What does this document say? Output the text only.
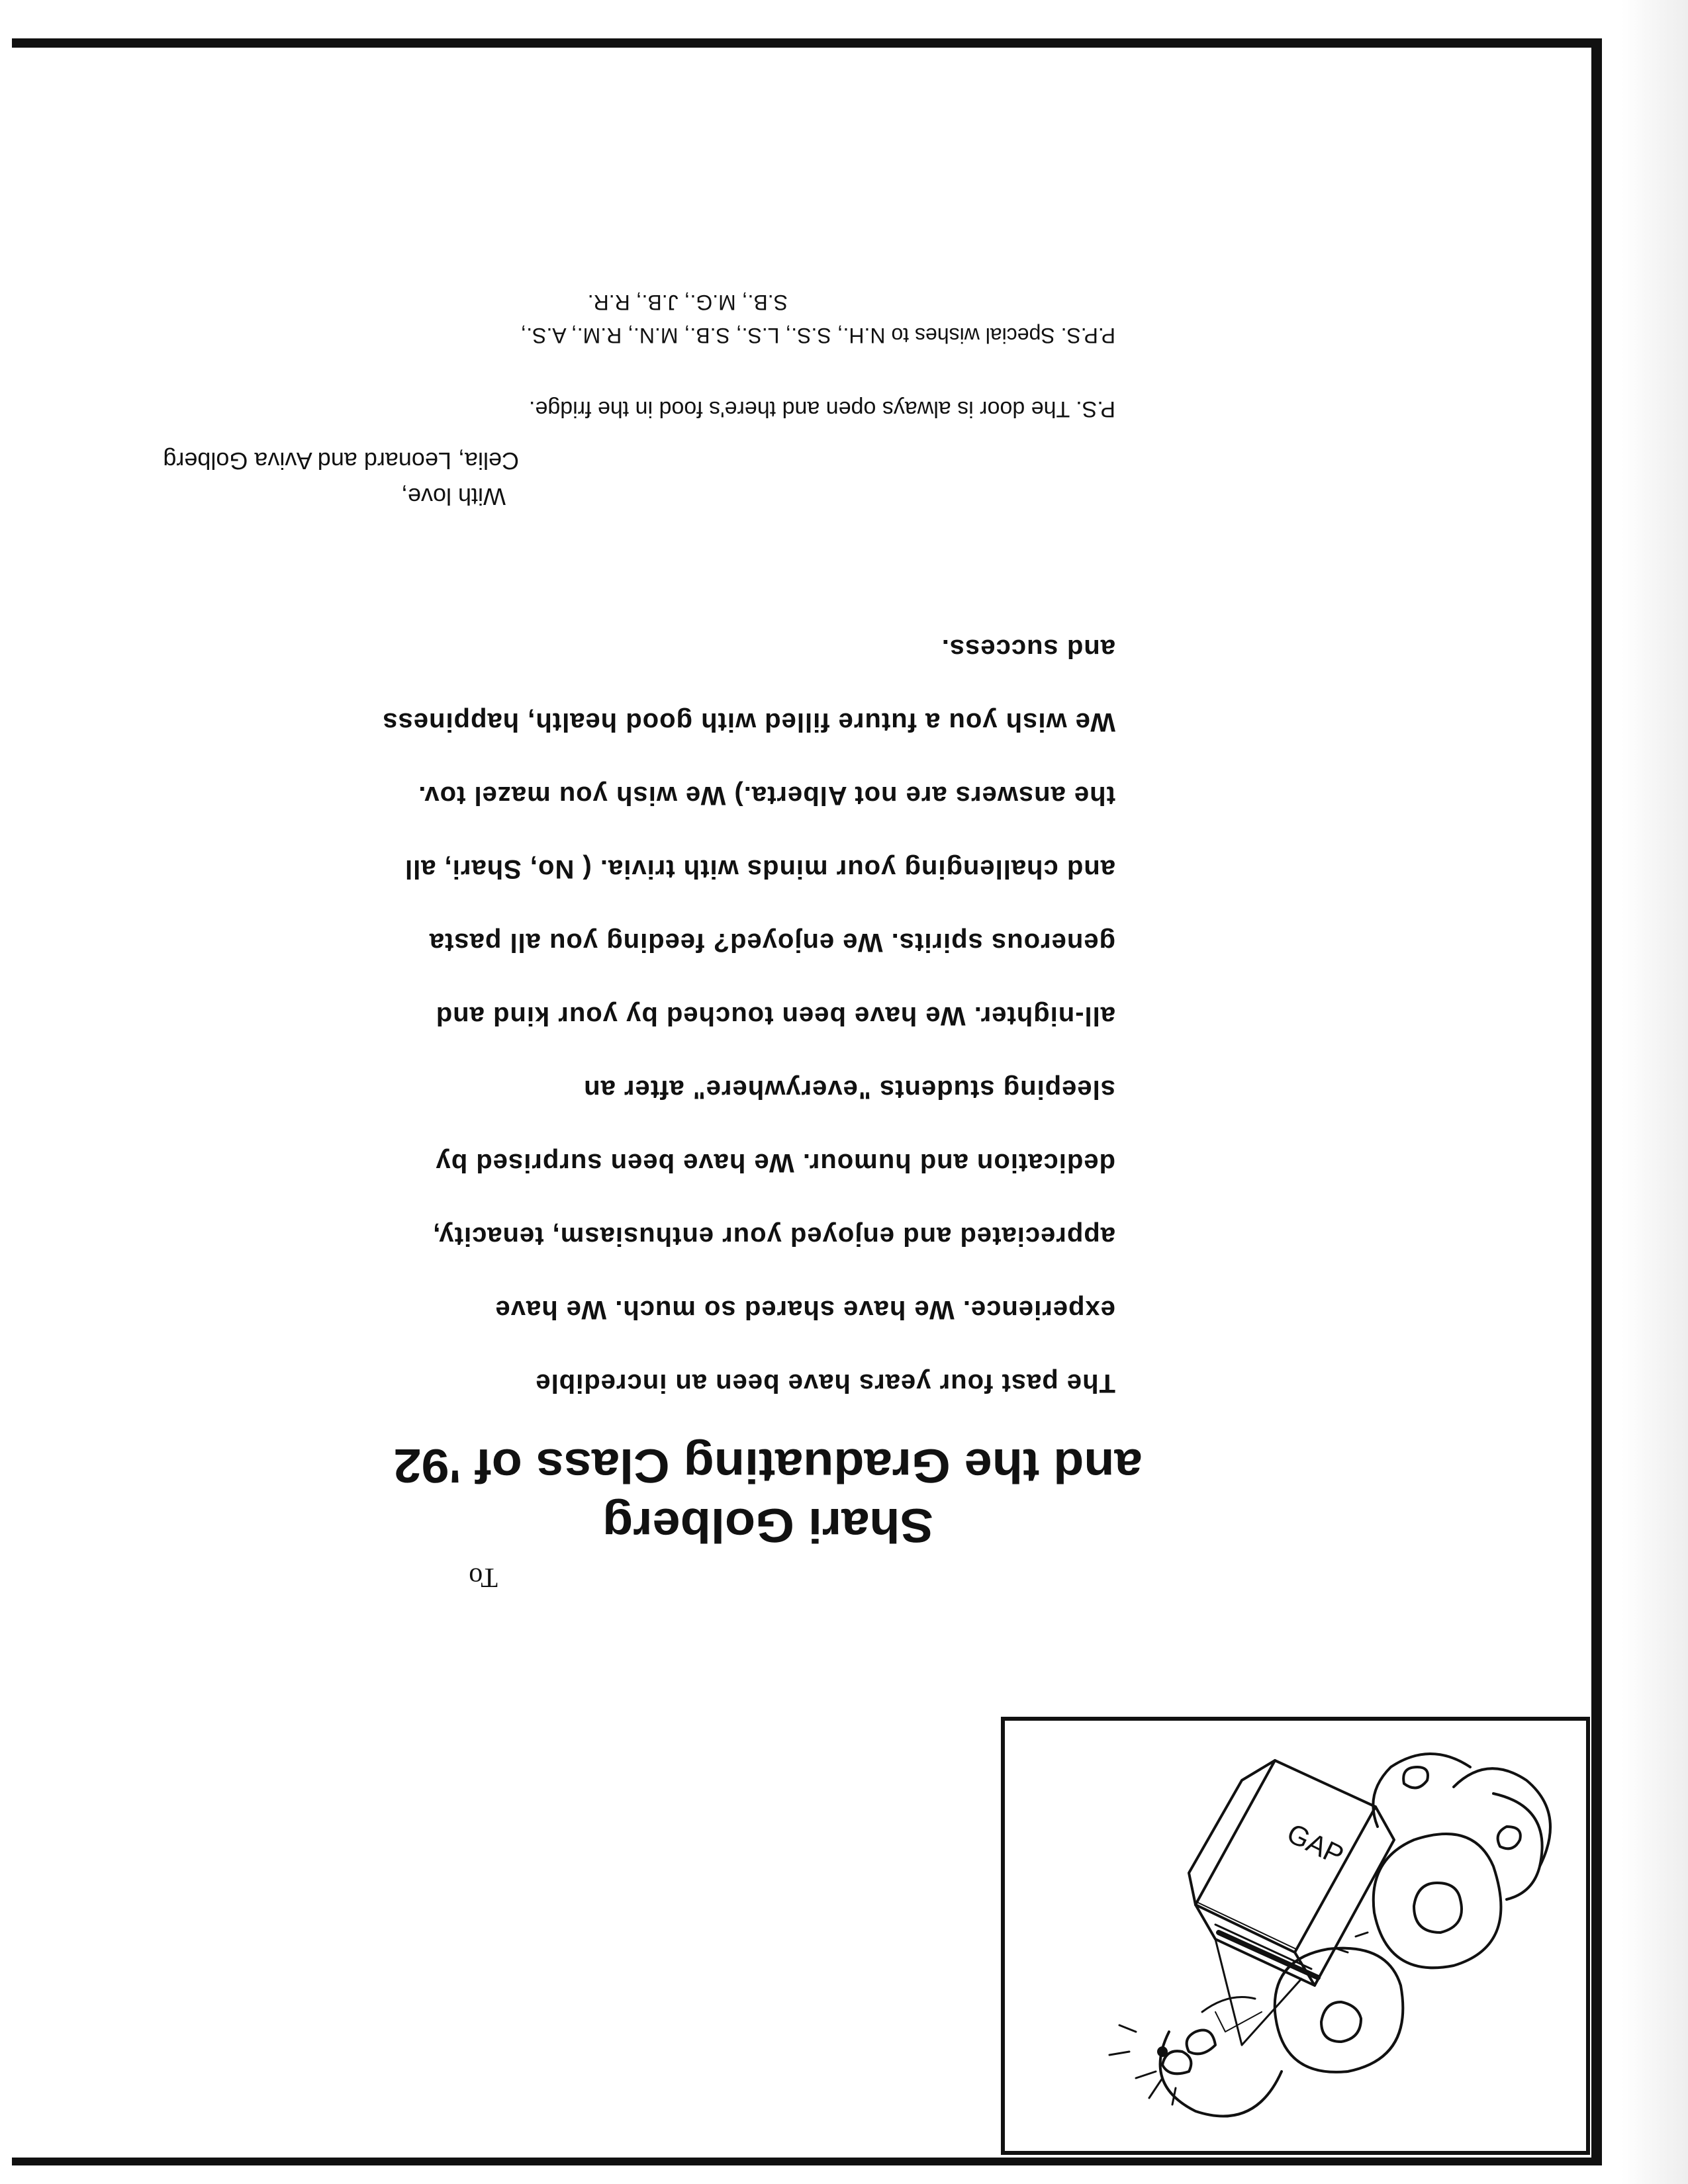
GAP
To
Shari Golberg
and the Graduating Class of '92
The past four years have been an incredible
experience. We have shared so much. We have
appreciated and enjoyed your enthusiasm, tenacity,
dedication and humour. We have been surprised by
sleeping students "everywhere" after an
all-nighter. We have been touched by your kind and
generous spirits. We enjoyed? feeding you all pasta
and challenging your minds with trivia. ( No, Shari, all
the answers are not Alberta.) We wish you mazel tov.
We wish you a future filled with good health, happiness
and success.
With love,
Celia, Leonard and Aviva Golberg
P.S. The door is always open and there's food in the fridge.
P.P.S. Special wishes to N.H., S.S., L.S., S.B., M.N., R.M., A.S.,
S.B., M.G., J.B., R.R.
